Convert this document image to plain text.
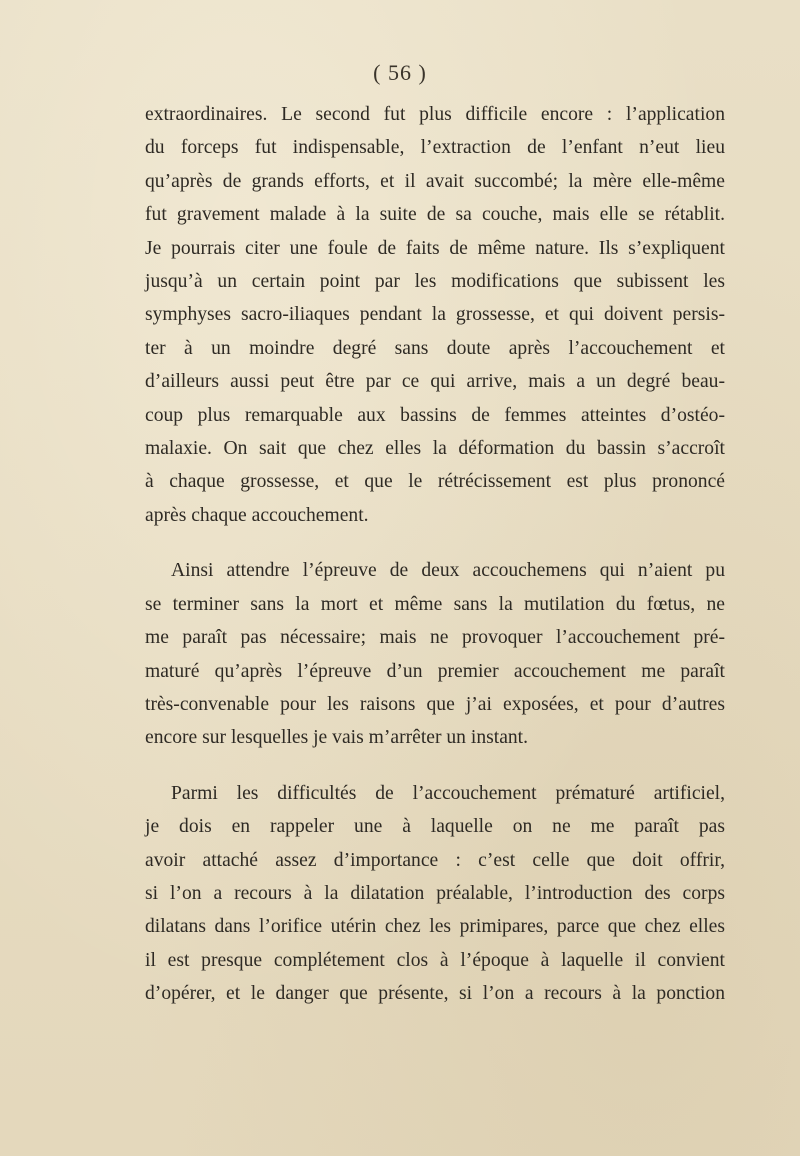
( 56 )
extraordinaires. Le second fut plus difficile encore : l’application
du forceps fut indispensable, l’extraction de l’enfant n’eut lieu
qu’après de grands efforts, et il avait succombé; la mère elle-même
fut gravement malade à la suite de sa couche, mais elle se rétablit.
Je pourrais citer une foule de faits de même nature. Ils s’expliquent
jusqu’à un certain point par les modifications que subissent les
symphyses sacro-iliaques pendant la grossesse, et qui doivent persis-
ter à un moindre degré sans doute après l’accouchement et
d’ailleurs aussi peut être par ce qui arrive, mais a un degré beau-
coup plus remarquable aux bassins de femmes atteintes d’ostéo-
malaxie. On sait que chez elles la déformation du bassin s’accroît
à chaque grossesse, et que le rétrécissement est plus prononcé
après chaque accouchement.
Ainsi attendre l’épreuve de deux accouchemens qui n’aient pu
se terminer sans la mort et même sans la mutilation du fœtus, ne
me paraît pas nécessaire; mais ne provoquer l’accouchement pré-
maturé qu’après l’épreuve d’un premier accouchement me paraît
très-convenable pour les raisons que j’ai exposées, et pour d’autres
encore sur lesquelles je vais m’arrêter un instant.
Parmi les difficultés de l’accouchement prématuré artificiel,
je dois en rappeler une à laquelle on ne me paraît pas
avoir attaché assez d’importance : c’est celle que doit offrir,
si l’on a recours à la dilatation préalable, l’introduction des corps
dilatans dans l’orifice utérin chez les primipares, parce que chez elles
il est presque complétement clos à l’époque à laquelle il convient
d’opérer, et le danger que présente, si l’on a recours à la ponction
